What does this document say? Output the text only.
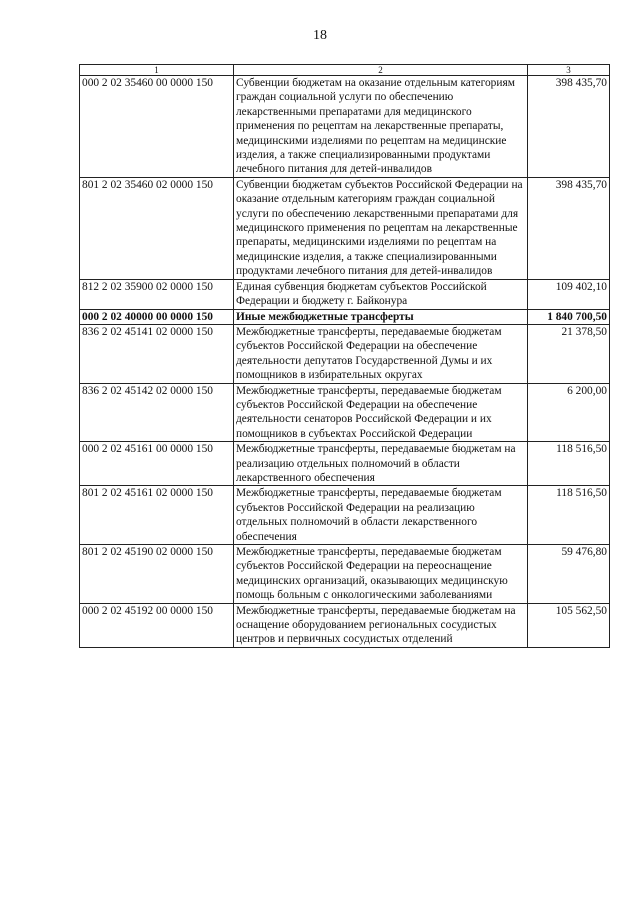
18
1	2	3
000 2 02 35460 00 0000 150	Субвенции бюджетам на оказание отдельным категориям граждан социальной услуги по обеспечению лекарственными препаратами для медицинского применения по рецептам на лекарственные препараты, медицинскими изделиями по рецептам на медицинские изделия, а также специализированными продуктами лечебного питания для детей-инвалидов	398 435,70
801 2 02 35460 02 0000 150	Субвенции бюджетам субъектов Российской Федерации на оказание отдельным категориям граждан социальной услуги по обеспечению лекарственными препаратами для медицинского применения по рецептам на лекарственные препараты, медицинскими изделиями по рецептам на медицинские изделия, а также специализированными продуктами лечебного питания для детей-инвалидов	398 435,70
812 2 02 35900 02 0000 150	Единая субвенция бюджетам субъектов Российской Федерации и бюджету г. Байконура	109 402,10
000 2 02 40000 00 0000 150	Иные межбюджетные трансферты	1 840 700,50
836 2 02 45141 02 0000 150	Межбюджетные трансферты, передаваемые бюджетам субъектов Российской Федерации на обеспечение деятельности депутатов Государственной Думы и их помощников в избирательных округах	21 378,50
836 2 02 45142 02 0000 150	Межбюджетные трансферты, передаваемые бюджетам субъектов Российской Федерации на обеспечение деятельности сенаторов Российской Федерации и их помощников в субъектах Российской Федерации	6 200,00
000 2 02 45161 00 0000 150	Межбюджетные трансферты, передаваемые бюджетам на реализацию отдельных полномочий в области лекарственного обеспечения	118 516,50
801 2 02 45161 02 0000 150	Межбюджетные трансферты, передаваемые бюджетам субъектов Российской Федерации на реализацию отдельных полномочий в области лекарственного обеспечения	118 516,50
801 2 02 45190 02 0000 150	Межбюджетные трансферты, передаваемые бюджетам субъектов Российской Федерации на переоснащение медицинских организаций, оказывающих медицинскую помощь больным с онкологическими заболеваниями	59 476,80
000 2 02 45192 00 0000 150	Межбюджетные трансферты, передаваемые бюджетам на оснащение оборудованием региональных сосудистых центров и первичных сосудистых отделений	105 562,50
